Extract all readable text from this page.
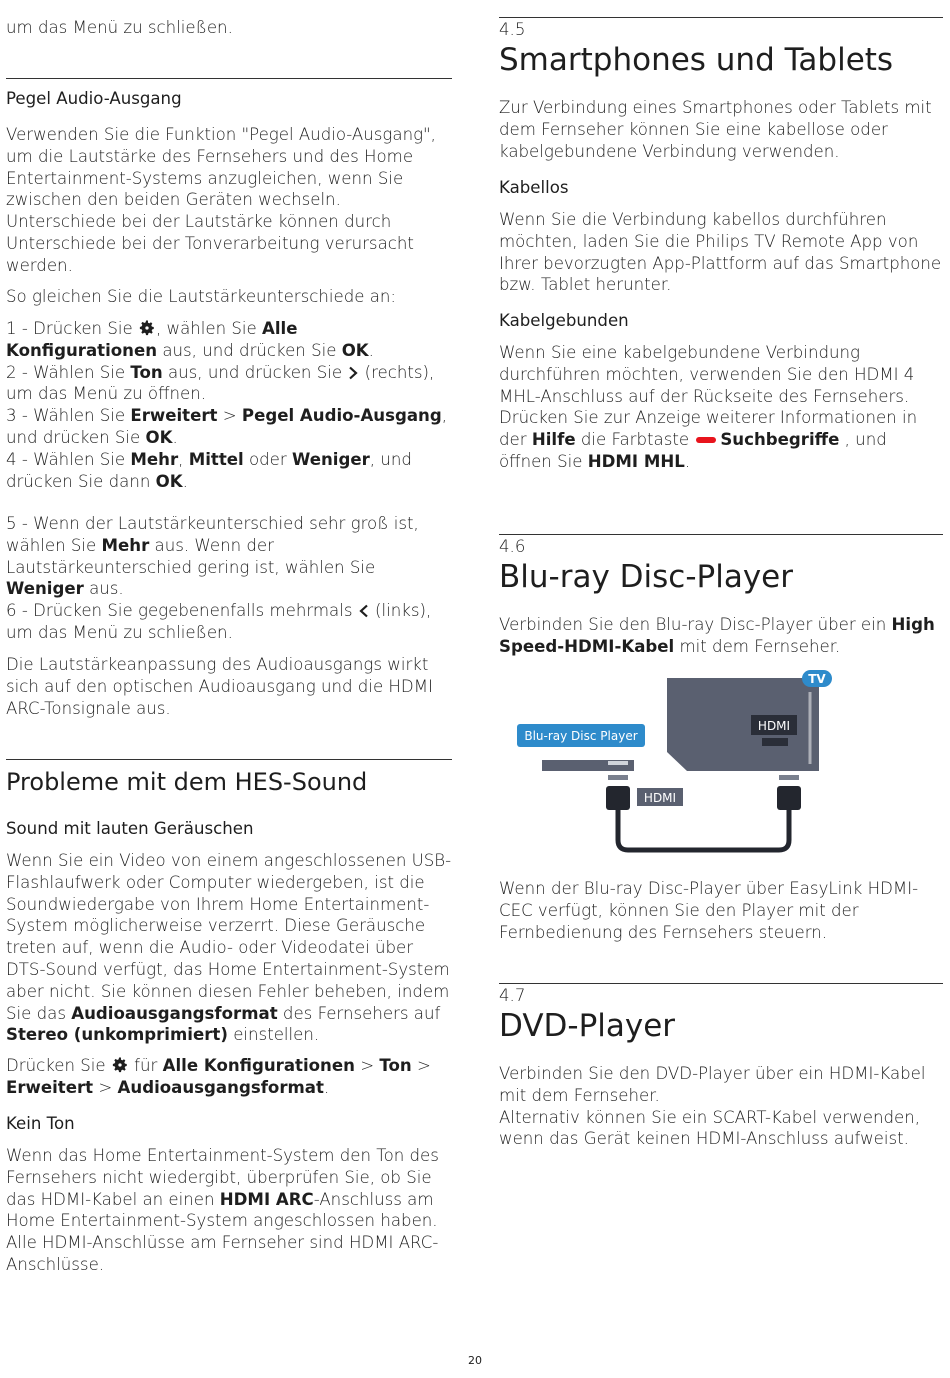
um das Menü zu schließen.

Pegel Audio-Ausgang

Verwenden Sie die Funktion "Pegel Audio-Ausgang", um die Lautstärke des Fernsehers und des Home Entertainment-Systems anzugleichen, wenn Sie zwischen den beiden Geräten wechseln. Unterschiede bei der Lautstärke können durch Unterschiede bei der Tonverarbeitung verursacht werden.

So gleichen Sie die Lautstärkeunterschiede an:

1 - Drücken Sie , wählen Sie Alle Konfigurationen aus, und drücken Sie OK.
2 - Wählen Sie Ton aus, und drücken Sie  (rechts), um das Menü zu öffnen.
3 - Wählen Sie Erweitert > Pegel Audio-Ausgang, und drücken Sie OK.
4 - Wählen Sie Mehr, Mittel oder Weniger, und drücken Sie dann OK.

5 - Wenn der Lautstärkeunterschied sehr groß ist, wählen Sie Mehr aus. Wenn der Lautstärkeunterschied gering ist, wählen Sie Weniger aus.
6 - Drücken Sie gegebenenfalls mehrmals  (links), um das Menü zu schließen.

Die Lautstärkeanpassung des Audioausgangs wirkt sich auf den optischen Audioausgang und die HDMI ARC-Tonsignale aus.

Probleme mit dem HES-Sound

Sound mit lauten Geräuschen

Wenn Sie ein Video von einem angeschlossenen USB-Flashlaufwerk oder Computer wiedergeben, ist die Soundwiedergabe von Ihrem Home Entertainment-System möglicherweise verzerrt. Diese Geräusche treten auf, wenn die Audio- oder Videodatei über DTS-Sound verfügt, das Home Entertainment-System aber nicht. Sie können diesen Fehler beheben, indem Sie das Audioausgangsformat des Fernsehers auf Stereo (unkomprimiert) einstellen.

Drücken Sie  für Alle Konfigurationen > Ton > Erweitert > Audioausgangsformat.

Kein Ton

Wenn das Home Entertainment-System den Ton des Fernsehers nicht wiedergibt, überprüfen Sie, ob Sie das HDMI-Kabel an einen HDMI ARC-Anschluss am Home Entertainment-System angeschlossen haben. Alle HDMI-Anschlüsse am Fernseher sind HDMI ARC-Anschlüsse.

4.5

Smartphones und Tablets

Zur Verbindung eines Smartphones oder Tablets mit dem Fernseher können Sie eine kabellose oder kabelgebundene Verbindung verwenden.

Kabellos

Wenn Sie die Verbindung kabellos durchführen möchten, laden Sie die Philips TV Remote App von Ihrer bevorzugten App-Plattform auf das Smartphone bzw. Tablet herunter.

Kabelgebunden

Wenn Sie eine kabelgebundene Verbindung durchführen möchten, verwenden Sie den HDMI 4 MHL-Anschluss auf der Rückseite des Fernsehers. Drücken Sie zur Anzeige weiterer Informationen in der Hilfe die Farbtaste Suchbegriffe , und öffnen Sie HDMI MHL.

4.6

Blu-ray Disc-Player

Verbinden Sie den Blu-ray Disc-Player über ein High Speed-HDMI-Kabel mit dem Fernseher.

TV
HDMI
Blu-ray Disc Player
HDMI

Wenn der Blu-ray Disc-Player über EasyLink HDMI-CEC verfügt, können Sie den Player mit der Fernbedienung des Fernsehers steuern.

4.7

DVD-Player

Verbinden Sie den DVD-Player über ein HDMI-Kabel mit dem Fernseher.
Alternativ können Sie ein SCART-Kabel verwenden, wenn das Gerät keinen HDMI-Anschluss aufweist.

20
